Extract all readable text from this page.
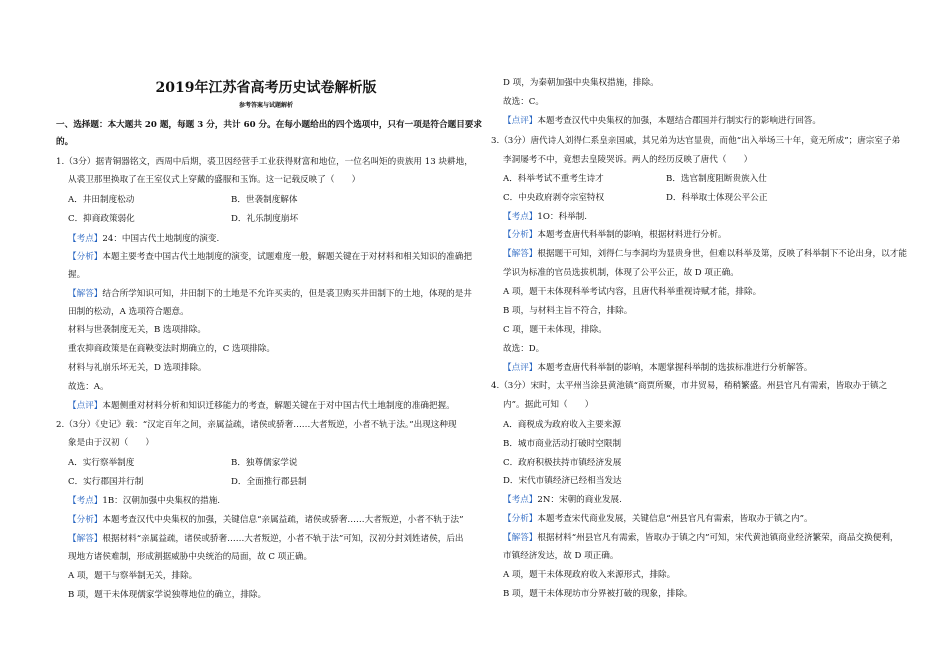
2019年江苏省高考历史试卷解析版
参考答案与试题解析
一、选择题：本大题共 20 题，每题 3 分，共计 60 分。在每小题给出的四个选项中，只有一项是符合题目要求
的。
1.（3分）据青铜器铭文，西周中后期，裘卫因经营手工业获得财富和地位，一位名叫矩的贵族用 13 块耕地，
从裘卫那里换取了在王室仪式上穿戴的盛服和玉饰。这一记载反映了（　　）
A．井田制度松动	B．世袭制度解体
C．抑商政策弱化	D．礼乐制度崩坏
【考点】24：中国古代土地制度的演变.
【分析】本题主要考查中国古代土地制度的演变，试题难度一般，解题关键在于对材料和相关知识的准确把
握。
【解答】结合所学知识可知，井田制下的土地是不允许买卖的，但是裘卫购买井田制下的土地，体现的是井
田制的松动，A 选项符合题意。
材料与世袭制度无关，B 选项排除。
重农抑商政策是在商鞅变法时期确立的，C 选项排除。
材料与礼崩乐坏无关，D 选项排除。
故选：A。
【点评】本题侧重对材料分析和知识迁移能力的考查，解题关键在于对中国古代土地制度的准确把握。
2.（3分）《史记》载：“汉定百年之间，亲属益疏，诸侯或骄奢……大者叛逆，小者不轨于法。”出现这种现
象是由于汉初（　　）
A．实行察举制度	B．独尊儒家学说
C．实行郡国并行制	D．全面推行郡县制
【考点】1B：汉朝加强中央集权的措施.
【分析】本题考查汉代中央集权的加强，关键信息“亲属益疏，诸侯或骄奢……大者叛逆，小者不轨于法”
【解答】根据材料“亲属益疏，诸侯或骄奢……大者叛逆，小者不轨于法”可知，汉初分封刘姓诸侯，后出
现地方诸侯难制，形成割据威胁中央统治的局面，故 C 项正确。
A 项，题干与察举制无关，排除。
B 项，题干未体现儒家学说独尊地位的确立，排除。
D 项，为秦朝加强中央集权措施，排除。
故选：C。
【点评】本题考查汉代中央集权的加强，本题结合郡国并行制实行的影响进行回答。
3.（3分）唐代诗人刘得仁系皇亲国戚，其兄弟为达官显贵，而他“出入举场三十年，竟无所成”；唐宗室子弟
李洞屡考不中，竟想去皇陵哭诉。两人的经历反映了唐代（　　）
A．科举考试不重考生诗才	B．选官制度阻断贵族入仕
C．中央政府剥夺宗室特权	D．科举取士体现公平公正
【考点】1O：科举制.
【分析】本题考查唐代科举制的影响，根据材料进行分析。
【解答】根据题干可知，刘得仁与李洞均为显贵身世，但难以科举及第，反映了科举制下不论出身，以才能
学识为标准的官员选拔机制，体现了公平公正，故 D 项正确。
A 项，题干未体现科举考试内容，且唐代科举重视诗赋才能，排除。
B 项，与材料主旨不符合，排除。
C 项，题干未体现，排除。
故选：D。
【点评】本题考查唐代科举制的影响，本题掌握科举制的选拔标准进行分析解答。
4.（3分）宋时，太平州当涂县黄池镇“商贾所聚，市井贸易，稍稍繁盛。州县官凡有需索，皆取办于镇之
内”。据此可知（　　）
A．商税成为政府收入主要来源
B．城市商业活动打破时空限制
C．政府积极扶持市镇经济发展
D．宋代市镇经济已经相当发达
【考点】2N：宋朝的商业发展.
【分析】本题考查宋代商业发展，关键信息“州县官凡有需索，皆取办于镇之内”。
【解答】根据材料“州县官凡有需索，皆取办于镇之内”可知，宋代黄池镇商业经济繁荣，商品交换便利，
市镇经济发达，故 D 项正确。
A 项，题干未体现政府收入来源形式，排除。
B 项，题干未体现坊市分界被打破的现象，排除。
